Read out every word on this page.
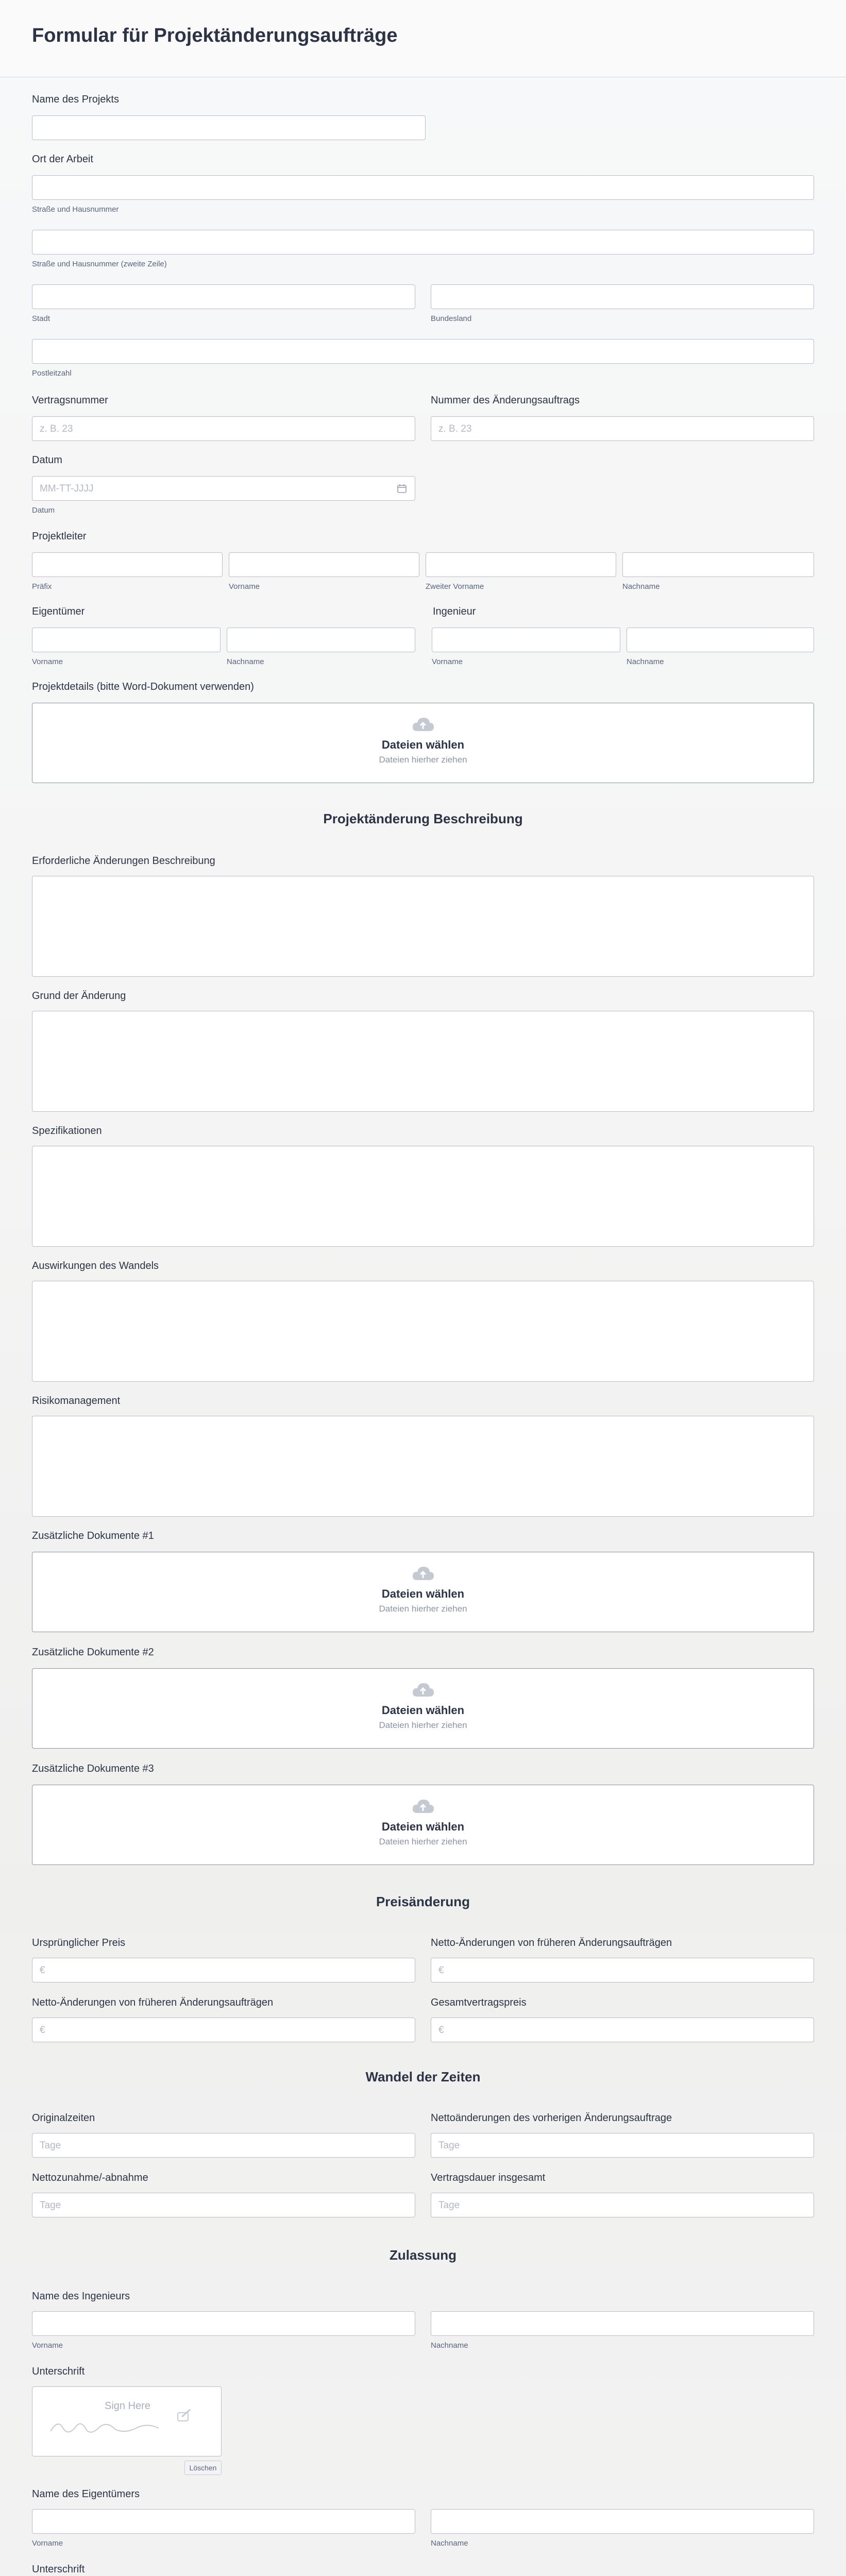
Formular für Projektänderungsaufträge
Name des Projekts
Ort der Arbeit
Straße und Hausnummer
Straße und Hausnummer (zweite Zeile)
Stadt	Bundesland
Postleitzahl
Vertragsnummer	Nummer des Änderungsauftrags
z. B. 23	z. B. 23
Datum
MM-TT-JJJJ
Datum
Projektleiter
Präfix	Vorname	Zweiter Vorname	Nachname
Eigentümer	Ingenieur
Vorname	Nachname	Vorname	Nachname
Projektdetails (bitte Word-Dokument verwenden)
Dateien wählen
Dateien hierher ziehen
Projektänderung Beschreibung
Erforderliche Änderungen Beschreibung
Grund der Änderung
Spezifikationen
Auswirkungen des Wandels
Risikomanagement
Zusätzliche Dokumente #1
Dateien wählen
Dateien hierher ziehen
Zusätzliche Dokumente #2
Dateien wählen
Dateien hierher ziehen
Zusätzliche Dokumente #3
Dateien wählen
Dateien hierher ziehen
Preisänderung
Ursprünglicher Preis	Netto-Änderungen von früheren Änderungsaufträgen
€	€
Netto-Änderungen von früheren Änderungsaufträgen	Gesamtvertragspreis
€	€
Wandel der Zeiten
Originalzeiten	Nettoänderungen des vorherigen Änderungsauftrage
Tage	Tage
Nettozunahme/-abnahme	Vertragsdauer insgesamt
Tage	Tage
Zulassung
Name des Ingenieurs
Vorname	Nachname
Unterschrift
Sign Here
Löschen
Name des Eigentümers
Vorname	Nachname
Unterschrift
